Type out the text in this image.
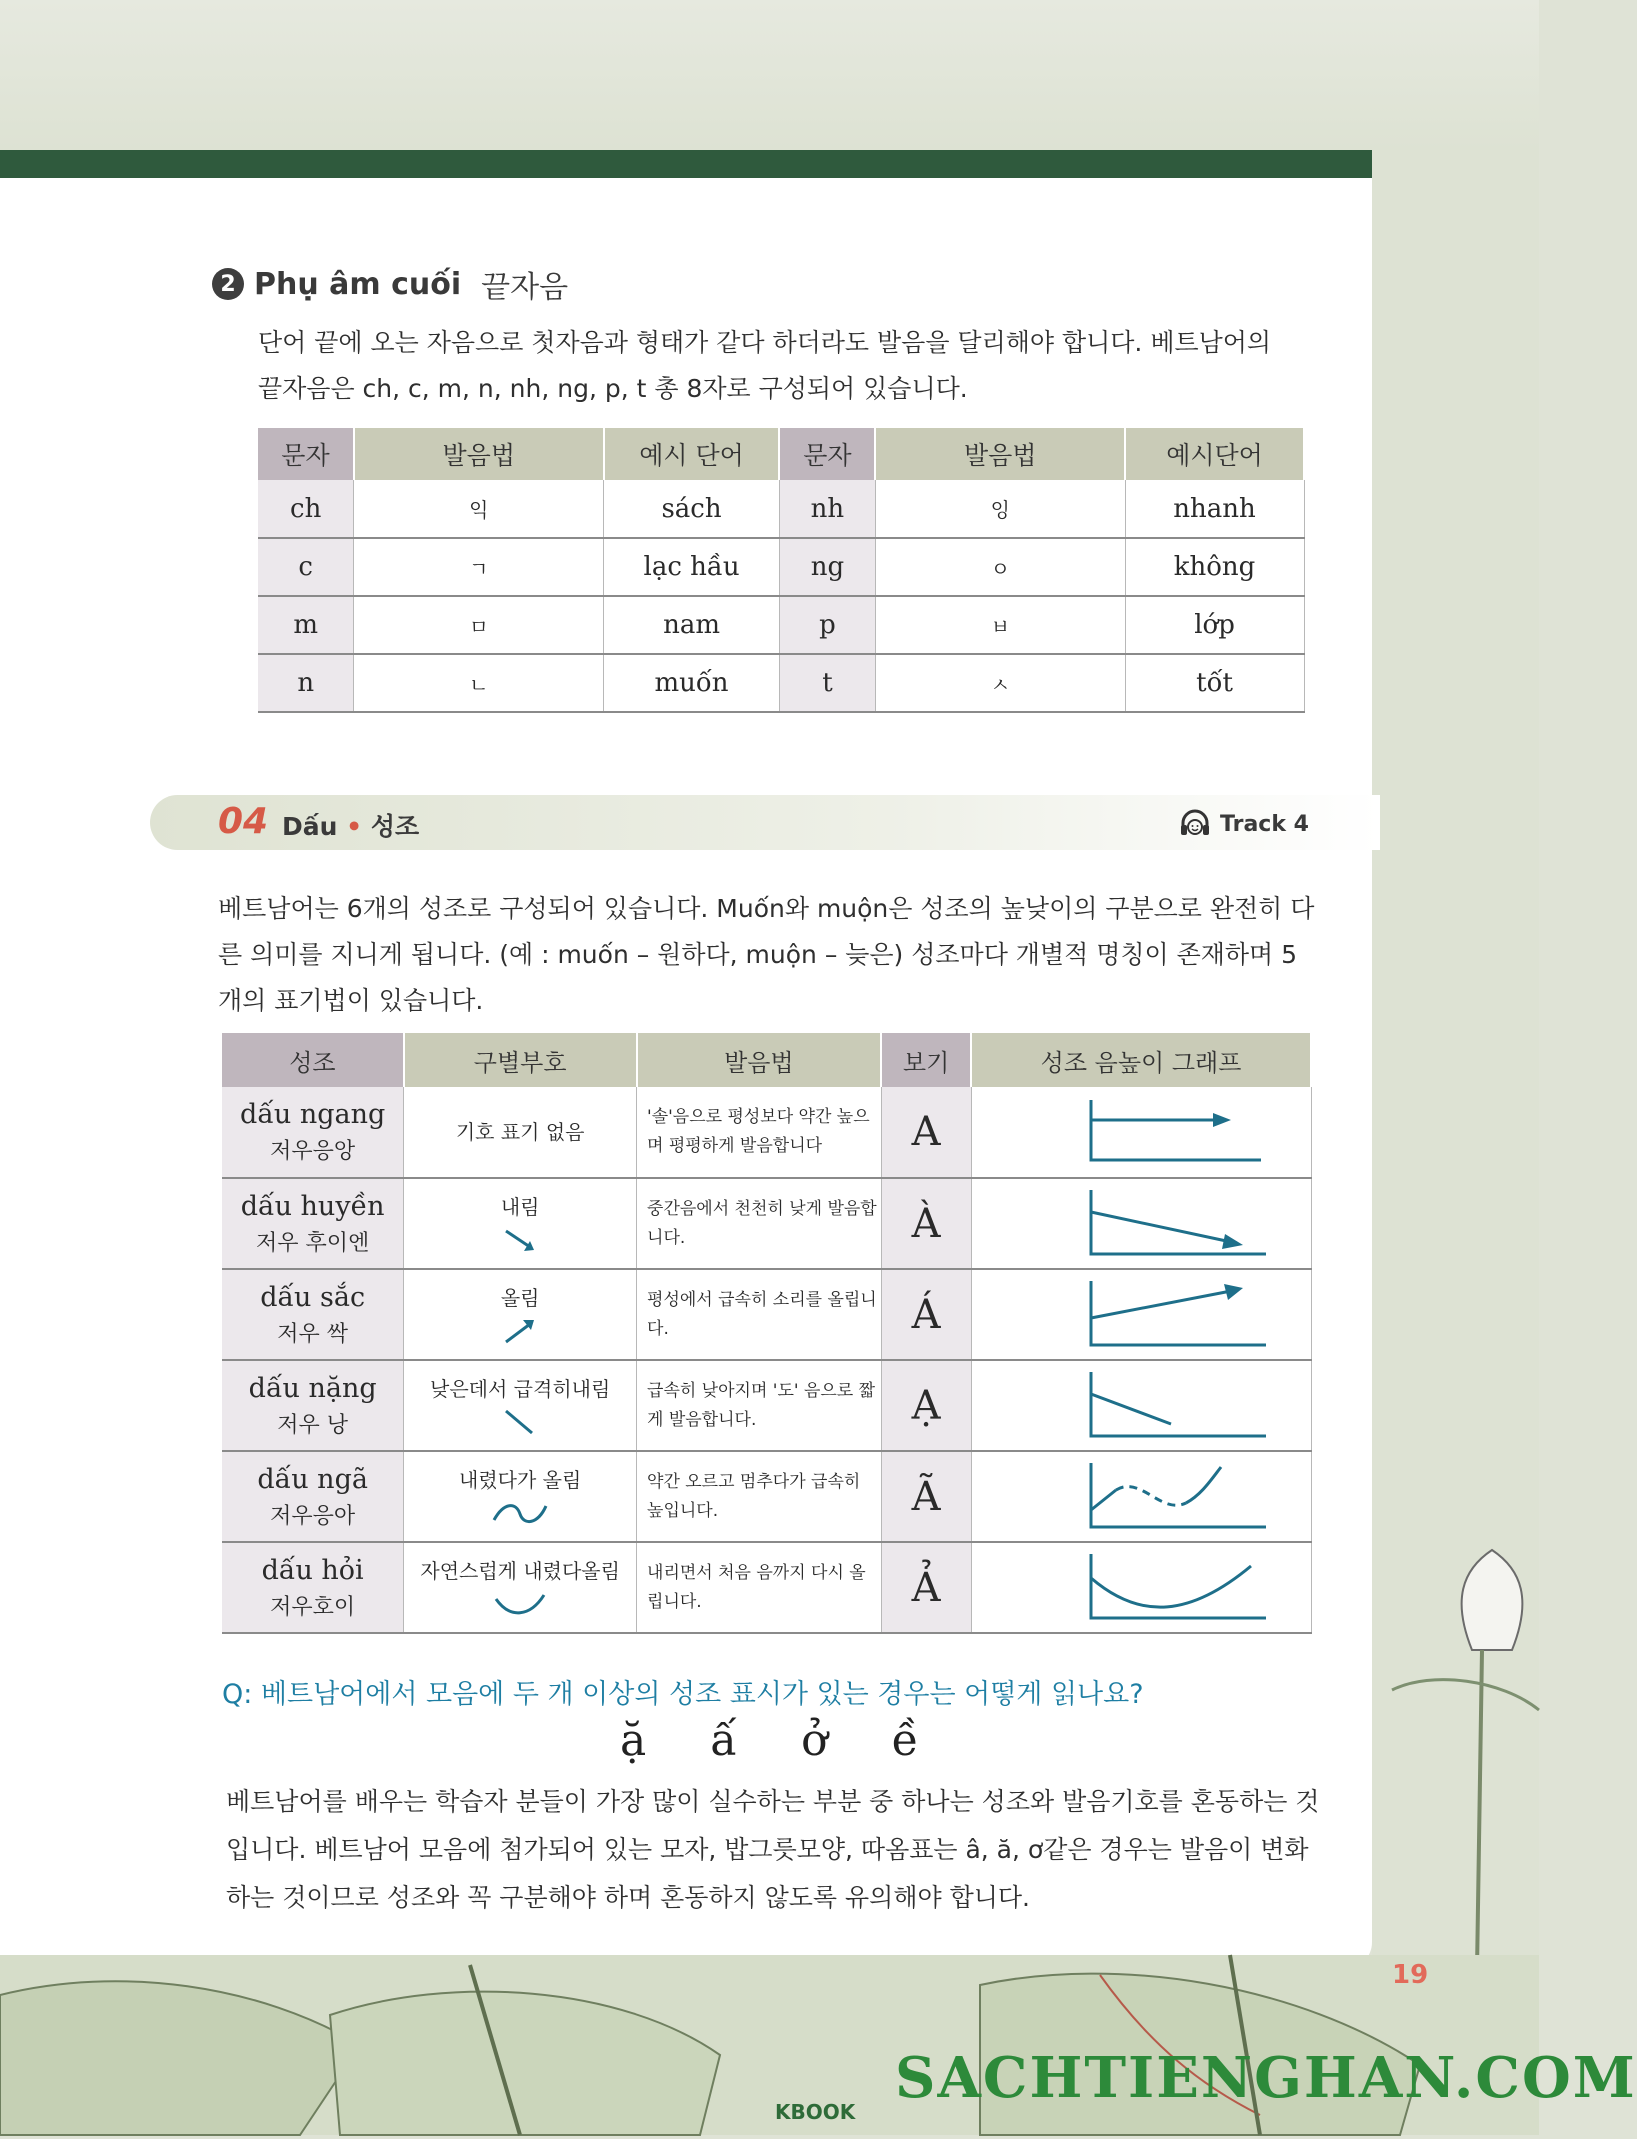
2 Phụ âm cuối 끝자음
단어 끝에 오는 자음으로 첫자음과 형태가 같다 하더라도 발음을 달리해야 합니다. 베트남어의 끝자음은 ch, c, m, n, nh, ng, p, t 총 8자로 구성되어 있습니다.
문자	발음법	예시 단어	문자	발음법	예시단어
ch	익	sách	nh	잉	nhanh
c	ㄱ	lạc hầu	ng	ㅇ	không
m	ㅁ	nam	p	ㅂ	lớp
n	ㄴ	muốn	t	ㅅ	tốt
04 Dấu • 성조	Track 4
베트남어는 6개의 성조로 구성되어 있습니다. Muốn와 muộn은 성조의 높낮이의 구분으로 완전히 다른 의미를 지니게 됩니다. (예 : muốn – 원하다, muộn – 늦은) 성조마다 개별적 명칭이 존재하며 5개의 표기법이 있습니다.
성조	구별부호	발음법	보기	성조 음높이 그래프

dấu ngang
저우응앙	기호 표기 없음	'솔'음으로 평성보다 약간 높으며 평평하게 발음합니다	A	

dấu huyền
저우 후이엔	내림	중간음에서 천천히 낮게 발음합니다.	À	

dấu sắc
저우 싹	올림	평성에서 급속히 소리를 올립니다.	Á	

dấu nặng
저우 낭	낮은데서 급격히내림	급속히 낮아지며 '도' 음으로 짧게 발음합니다.	Ạ	

dấu ngã
저우응아	내렸다가 올림	약간 오르고 멈추다가 급속히 높입니다.	Ã	

dấu hỏi
저우호이	자연스럽게 내렸다올림	내리면서 처음 음까지 다시 올립니다.	Ả	
Q: 베트남어에서 모음에 두 개 이상의 성조 표시가 있는 경우는 어떻게 읽나요?
ặ ấ ở ề
베트남어를 배우는 학습자 분들이 가장 많이 실수하는 부분 중 하나는 성조와 발음기호를 혼동하는 것입니다. 베트남어 모음에 첨가되어 있는 모자, 밥그릇모양, 따옴표는 â, ă, ơ같은 경우는 발음이 변화하는 것이므로 성조와 꼭 구분해야 하며 혼동하지 않도록 유의해야 합니다.
19
SACHTIENGHAN.COM
KBOOK
